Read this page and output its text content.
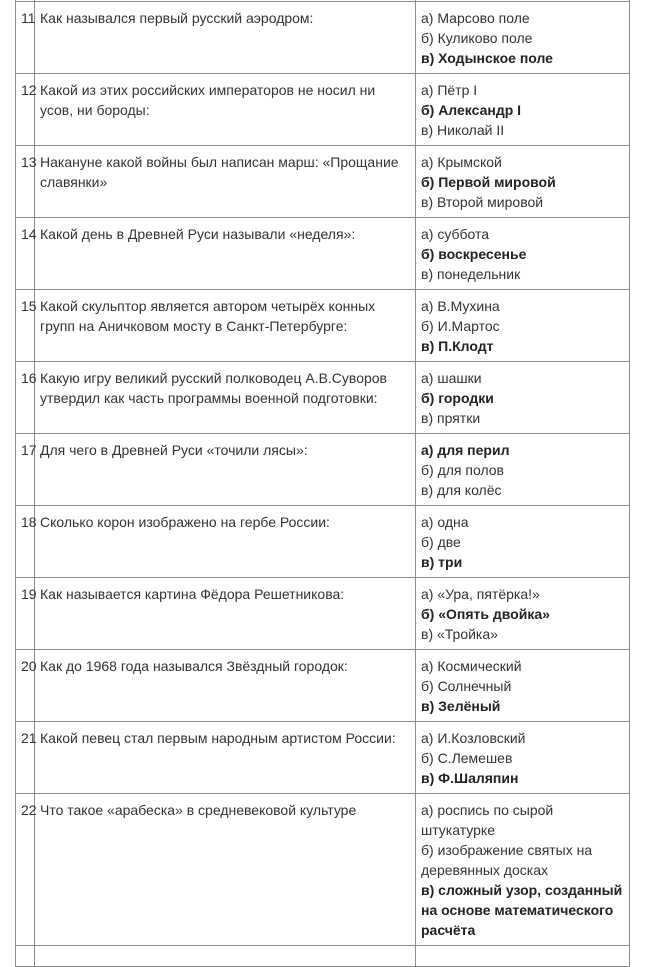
11	Как назывался первый русский аэродром:	а) Марсово поле
б) Куликово поле
в) Ходынское поле

12	Какой из этих российских императоров не носил ни усов, ни бороды:	а) Пётр I
б) Александр I
в) Николай II

13	Накануне какой войны был написан марш: «Прощание славянки»	а) Крымской
б) Первой мировой
в) Второй мировой

14	Какой день в Древней Руси называли «неделя»:	а) суббота
б) воскресенье
в) понедельник

15	Какой скульптор является автором четырёх конных групп на Аничковом мосту в Санкт-Петербурге:	а) В.Мухина
б) И.Мартос
в) П.Клодт

16	Какую игру великий русский полководец А.В.Суворов утвердил как часть программы военной подготовки:	а) шашки
б) городки
в) прятки

17	Для чего в Древней Руси «точили лясы»:	а) для перил
б) для полов
в) для колёс

18	Сколько корон изображено на гербе России:	а) одна
б) две
в) три

19	Как называется картина Фёдора Решетникова:	а) «Ура, пятёрка!»
б) «Опять двойка»
в) «Тройка»

20	Как до 1968 года назывался Звёздный городок:	а) Космический
б) Солнечный
в) Зелёный

21	Какой певец стал первым народным артистом России:	а) И.Козловский
б) С.Лемешев
в) Ф.Шаляпин

22	Что такое «арабеска» в средневековой культуре	а) роспись по сырой штукатурке
б) изображение святых на деревянных досках
в) сложный узор, созданный на основе математического расчёта
